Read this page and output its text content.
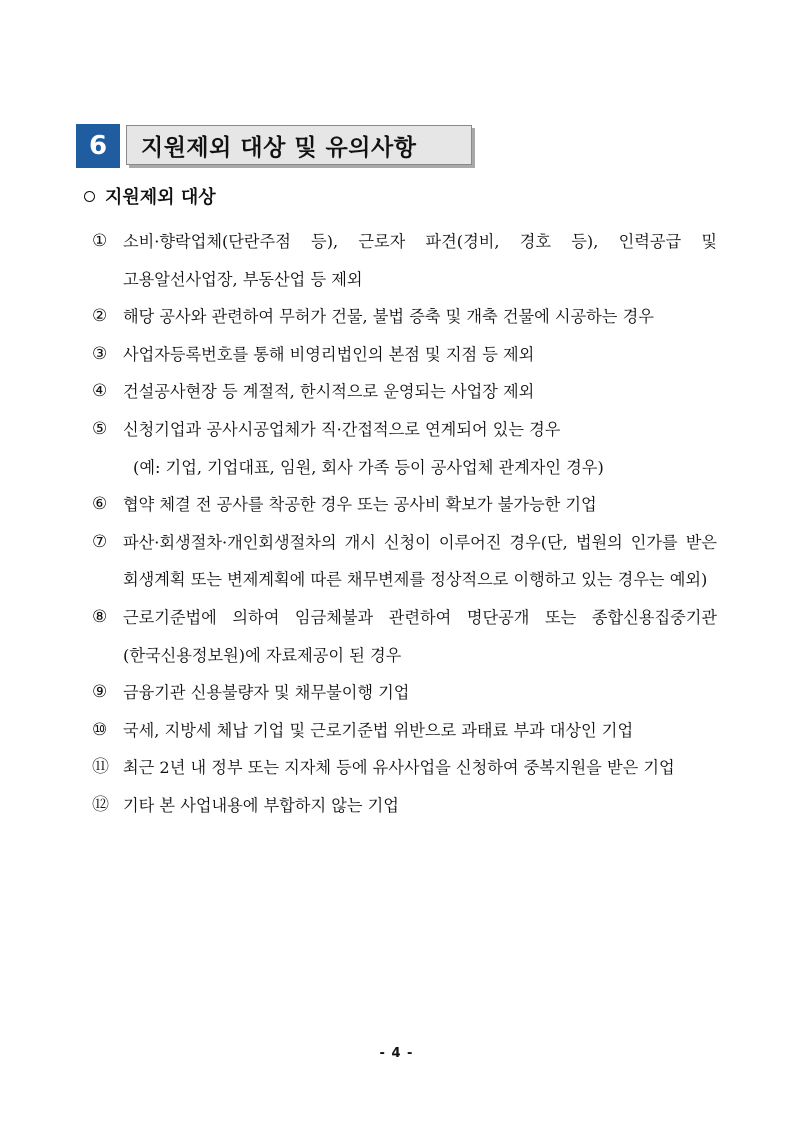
6	지원제외 대상 및 유의사항
지원제외 대상
① 소비·향락업체(단란주점 등), 근로자 파견(경비, 경호 등), 인력공급 및 고용알선사업장, 부동산업 등 제외
② 해당 공사와 관련하여 무허가 건물, 불법 증축 및 개축 건물에 시공하는 경우
③ 사업자등록번호를 통해 비영리법인의 본점 및 지점 등 제외
④ 건설공사현장 등 계절적, 한시적으로 운영되는 사업장 제외
⑤ 신청기업과 공사시공업체가 직·간접적으로 연계되어 있는 경우
(예: 기업, 기업대표, 임원, 회사 가족 등이 공사업체 관계자인 경우)
⑥ 협약 체결 전 공사를 착공한 경우 또는 공사비 확보가 불가능한 기업
⑦ 파산·회생절차·개인회생절차의 개시 신청이 이루어진 경우(단, 법원의 인가를 받은 회생계획 또는 변제계획에 따른 채무변제를 정상적으로 이행하고 있는 경우는 예외)
⑧ 근로기준법에 의하여 임금체불과 관련하여 명단공개 또는 종합신용집중기관(한국신용정보원)에 자료제공이 된 경우
⑨ 금융기관 신용불량자 및 채무불이행 기업
⑩ 국세, 지방세 체납 기업 및 근로기준법 위반으로 과태료 부과 대상인 기업
⑪ 최근 2년 내 정부 또는 지자체 등에 유사사업을 신청하여 중복지원을 받은 기업
⑫ 기타 본 사업내용에 부합하지 않는 기업
- 4 -
